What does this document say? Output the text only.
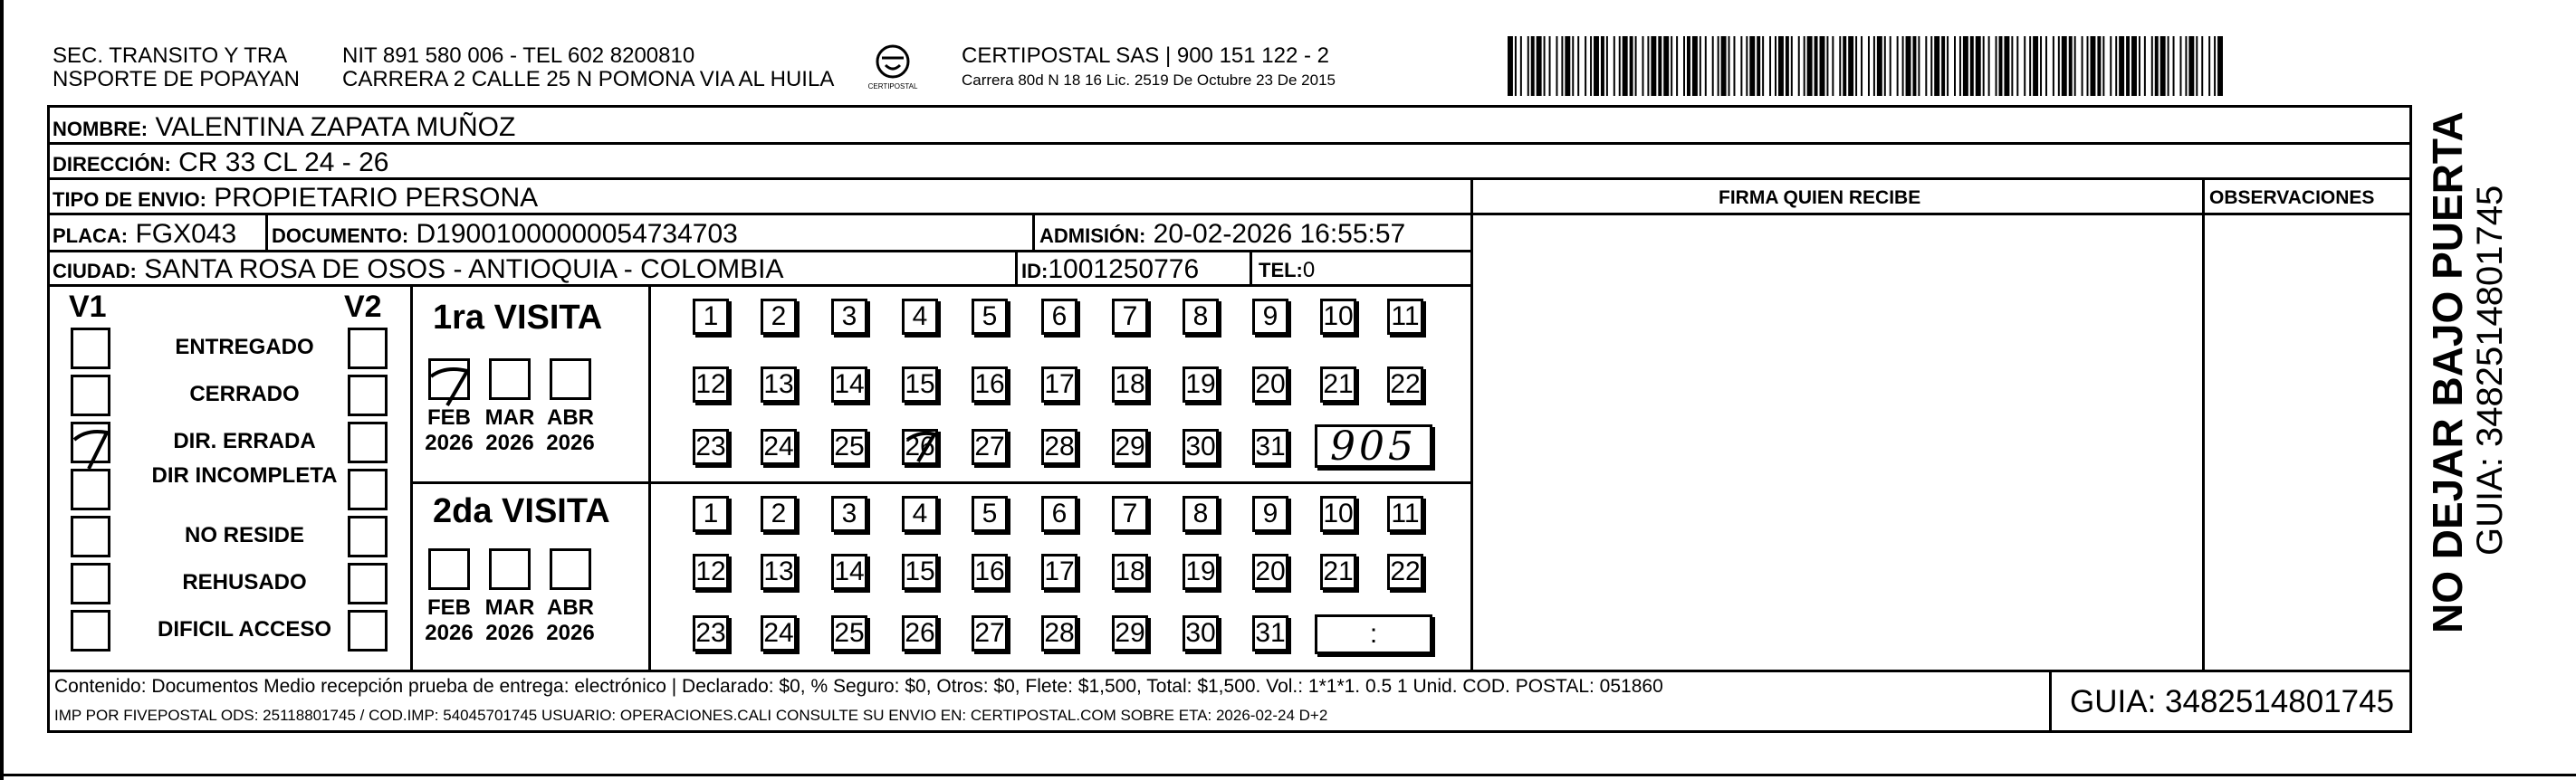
SEC. TRANSITO Y TRA
NSPORTE DE POPAYAN
NIT 891 580 006 - TEL 602 8200810
CARRERA 2 CALLE 25 N POMONA VIA AL HUILA	CERTIPOSTAL
CERTIPOSTAL SAS | 900 151 122 - 2
Carrera 80d N 18 16 Lic. 2519 De Octubre 23 De 2015
NOMBRE: VALENTINA ZAPATA MUÑOZ
DIRECCIÓN: CR 33 CL 24 - 26
TIPO DE ENVIO: PROPIETARIO PERSONA
PLACA: FGX043 DOCUMENTO: D19001000000054734703	ADMISIÓN: 20-02-2026 16:55:57
CIUDAD: SANTA ROSA DE OSOS - ANTIOQUIA - COLOMBIA	ID:1001250776	TEL:0
FIRMA QUIEN RECIBE	OBSERVACIONES
V1	V2
ENTREGADO
CERRADO
DIR. ERRADA
DIR INCOMPLETA
NO RESIDE
REHUSADO
DIFICIL ACCESO
1ra VISITA
2da VISITA
FEB
2026
MAR
2026
ABR
2026
FEB
2026
MAR
2026
ABR
2026
1	2	3	4	5	6	7	8	9	10 11
12 13 14 15 16 17 18 19 20 21 22
23 24 25 26 27 28 29 30 31
1	2	3	4	5	6	7	8	9	10 11
12 13 14 15 16 17 18 19 20 21 22
23 24 25 26 27 28 29 30 31
905
:
Contenido: Documentos Medio recepción prueba de entrega: electrónico | Declarado: $0, % Seguro: $0, Otros: $0, Flete: $1,500, Total: $1,500. Vol.: 1*1*1. 0.5 1 Unid. COD. POSTAL: 051860
IMP POR FIVEPOSTAL ODS: 25118801745 / COD.IMP: 54045701745 USUARIO: OPERACIONES.CALI CONSULTE SU ENVIO EN: CERTIPOSTAL.COM SOBRE ETA: 2026-02-24 D+2	GUIA: 3482514801745
NO DEJAR BAJO PUERTA GUIA: 3482514801745
